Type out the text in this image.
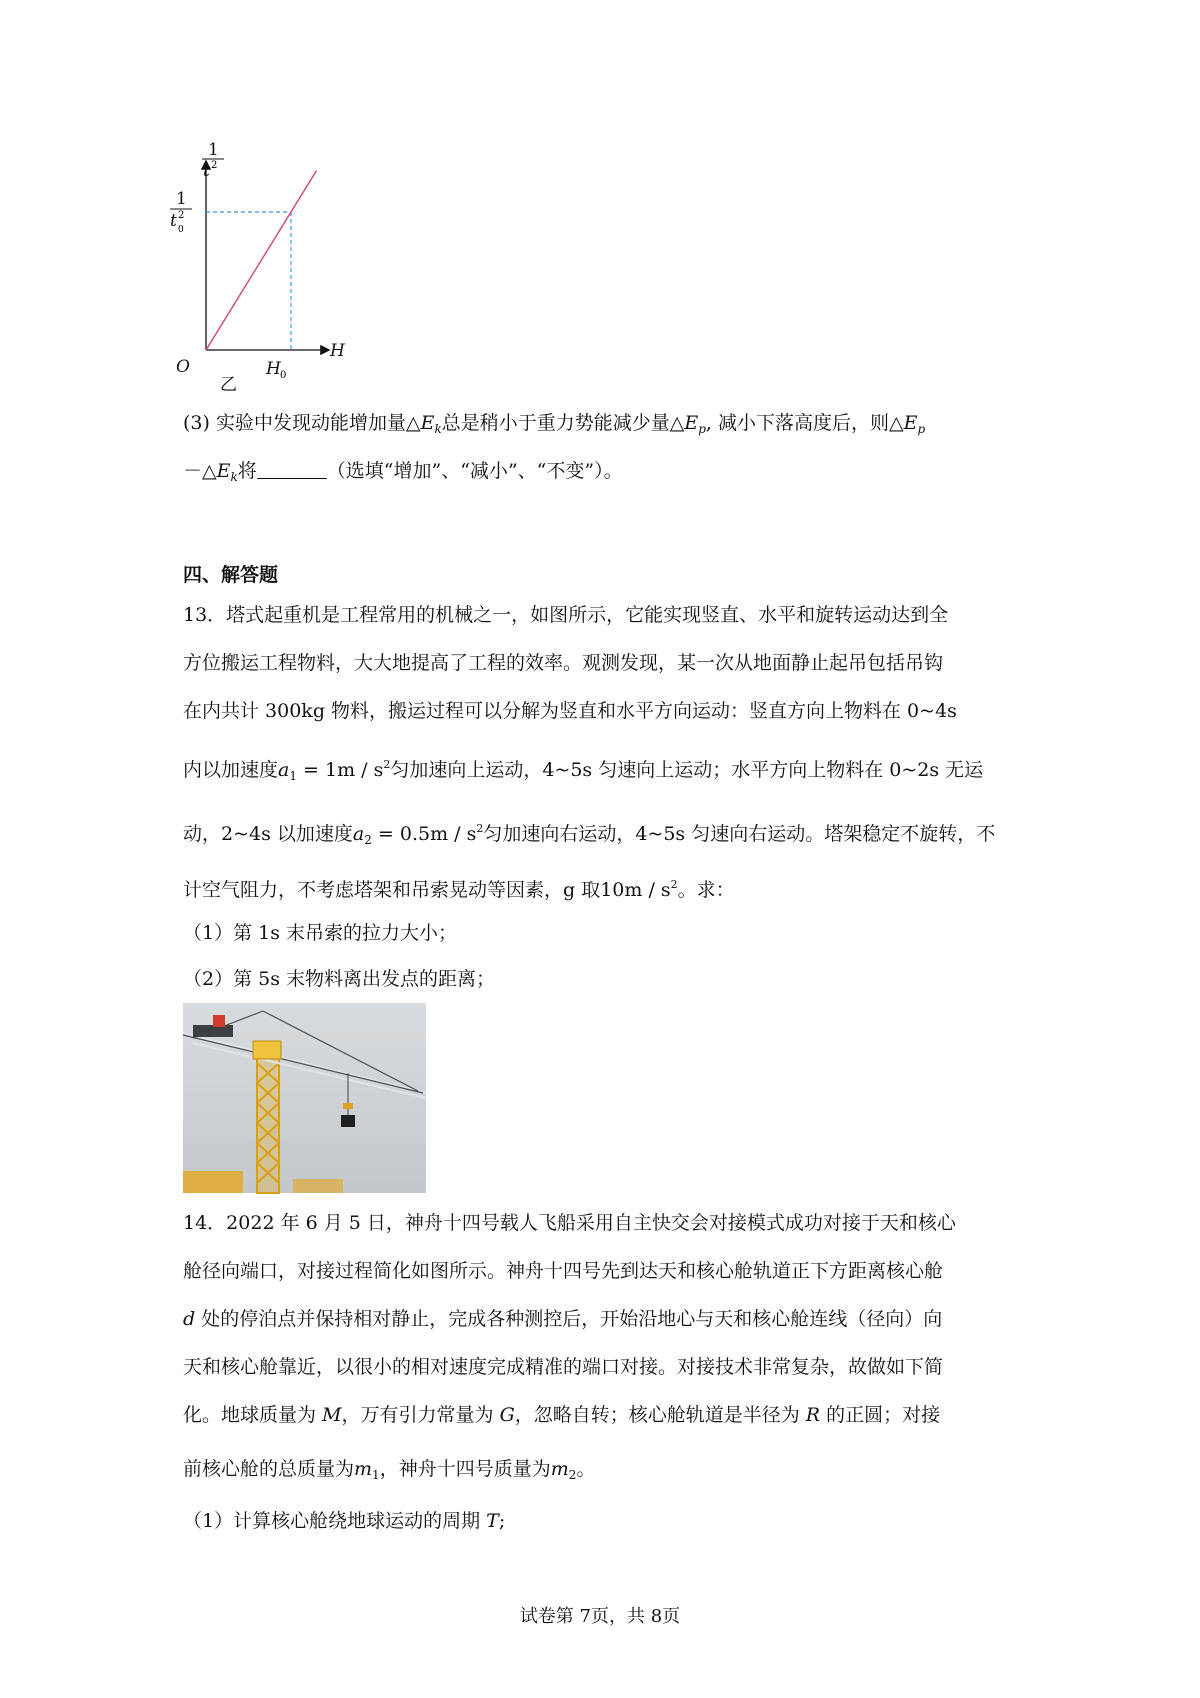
1
t 2
1
t 0
2
O	H 0
H
乙
(3) 实验中发现动能增加量$\triangle E_k$总是稍小于重力势能减少量$\triangle E_p$, 减小下落高度后，则$\triangle E_p$
$-\triangle E_k$将	（选填“增加”、“减小”、“不变”）。
四、解答题
13．塔式起重机是工程常用的机械之一，如图所示，它能实现竖直、水平和旋转运动达到全
方位搬运工程物料，大大地提高了工程的效率。观测发现，某一次从地面静止起吊包括吊钩
在内共计 300kg 物料，搬运过程可以分解为竖直和水平方向运动：竖直方向上物料在 0~4s
内以加速度$a_1 = 1m / s^2$匀加速向上运动，4~5s 匀速向上运动；水平方向上物料在 0~2s 无运
动，2~4s 以加速度$a_2 = 0.5m / s^2$匀加速向右运动，4~5s 匀速向右运动。塔架稳定不旋转，不
计空气阻力，不考虑塔架和吊索晃动等因素，g 取$10m / s^2$。求：
（1）第 1s 末吊索的拉力大小；
（2）第 5s 末物料离出发点的距离；
14．2022 年 6 月 5 日，神舟十四号载人飞船采用自主快交会对接模式成功对接于天和核心
舱径向端口，对接过程简化如图所示。神舟十四号先到达天和核心舱轨道正下方距离核心舱
d 处的停泊点并保持相对静止，完成各种测控后，开始沿地心与天和核心舱连线（径向）向
天和核心舱靠近，以很小的相对速度完成精准的端口对接。对接技术非常复杂，故做如下简
化。地球质量为 M，万有引力常量为 G，忽略自转；核心舱轨道是半径为 R 的正圆；对接
前核心舱的总质量为$m_1$，神舟十四号质量为$m_2$。
（1）计算核心舱绕地球运动的周期 T;
试卷第 7页，共 8页
